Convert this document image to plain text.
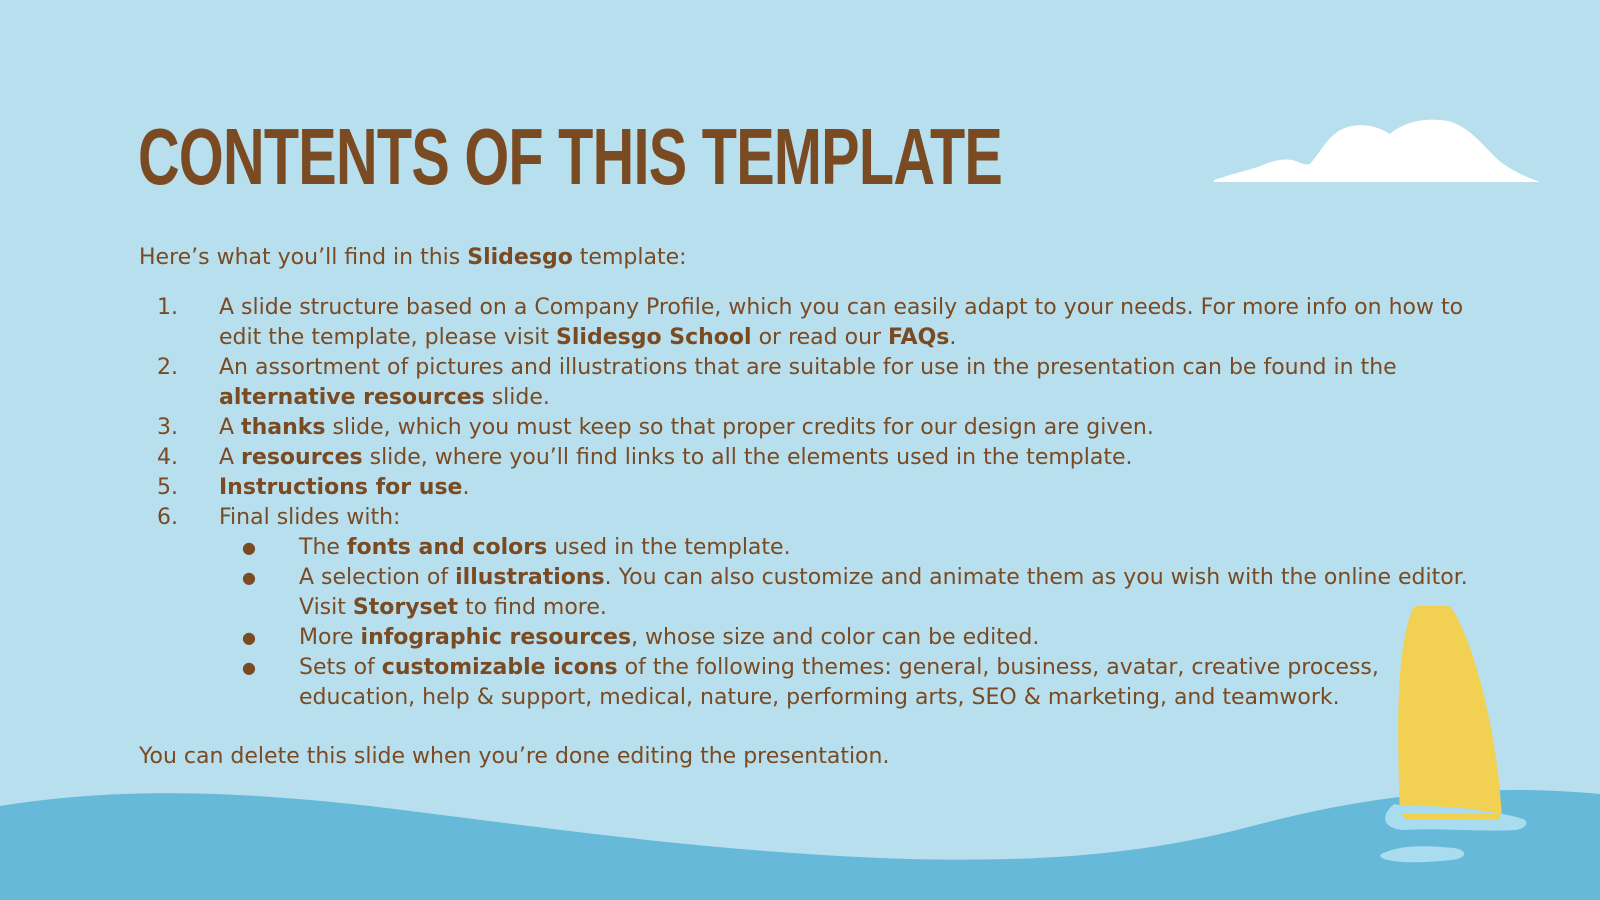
CONTENTS OF THIS TEMPLATE

Here’s what you’ll find in this Slidesgo template:

1. A slide structure based on a Company Profile, which you can easily adapt to your needs. For more info on how to edit the template, please visit Slidesgo School or read our FAQs.
2. An assortment of pictures and illustrations that are suitable for use in the presentation can be found in the alternative resources slide.
3. A thanks slide, which you must keep so that proper credits for our design are given.
4. A resources slide, where you’ll find links to all the elements used in the template.
5. Instructions for use.
6. Final slides with:
● The fonts and colors used in the template.
● A selection of illustrations. You can also customize and animate them as you wish with the online editor. Visit Storyset to find more.
● More infographic resources, whose size and color can be edited.
● Sets of customizable icons of the following themes: general, business, avatar, creative process, education, help & support, medical, nature, performing arts, SEO & marketing, and teamwork.

You can delete this slide when you’re done editing the presentation.
